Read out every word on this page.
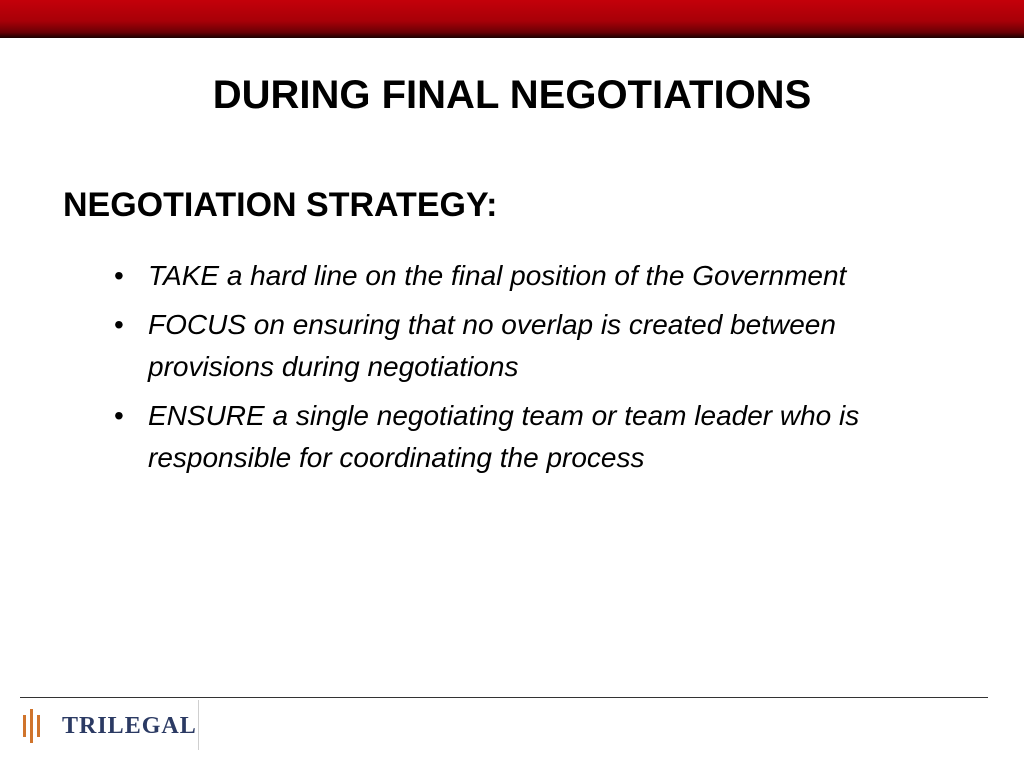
DURING FINAL NEGOTIATIONS
NEGOTIATION STRATEGY:
• TAKE a hard line on the final position of the Government
• FOCUS on ensuring that no overlap is created between provisions during negotiations
• ENSURE a single negotiating team or team leader who is responsible for coordinating the process
TRILEGAL
